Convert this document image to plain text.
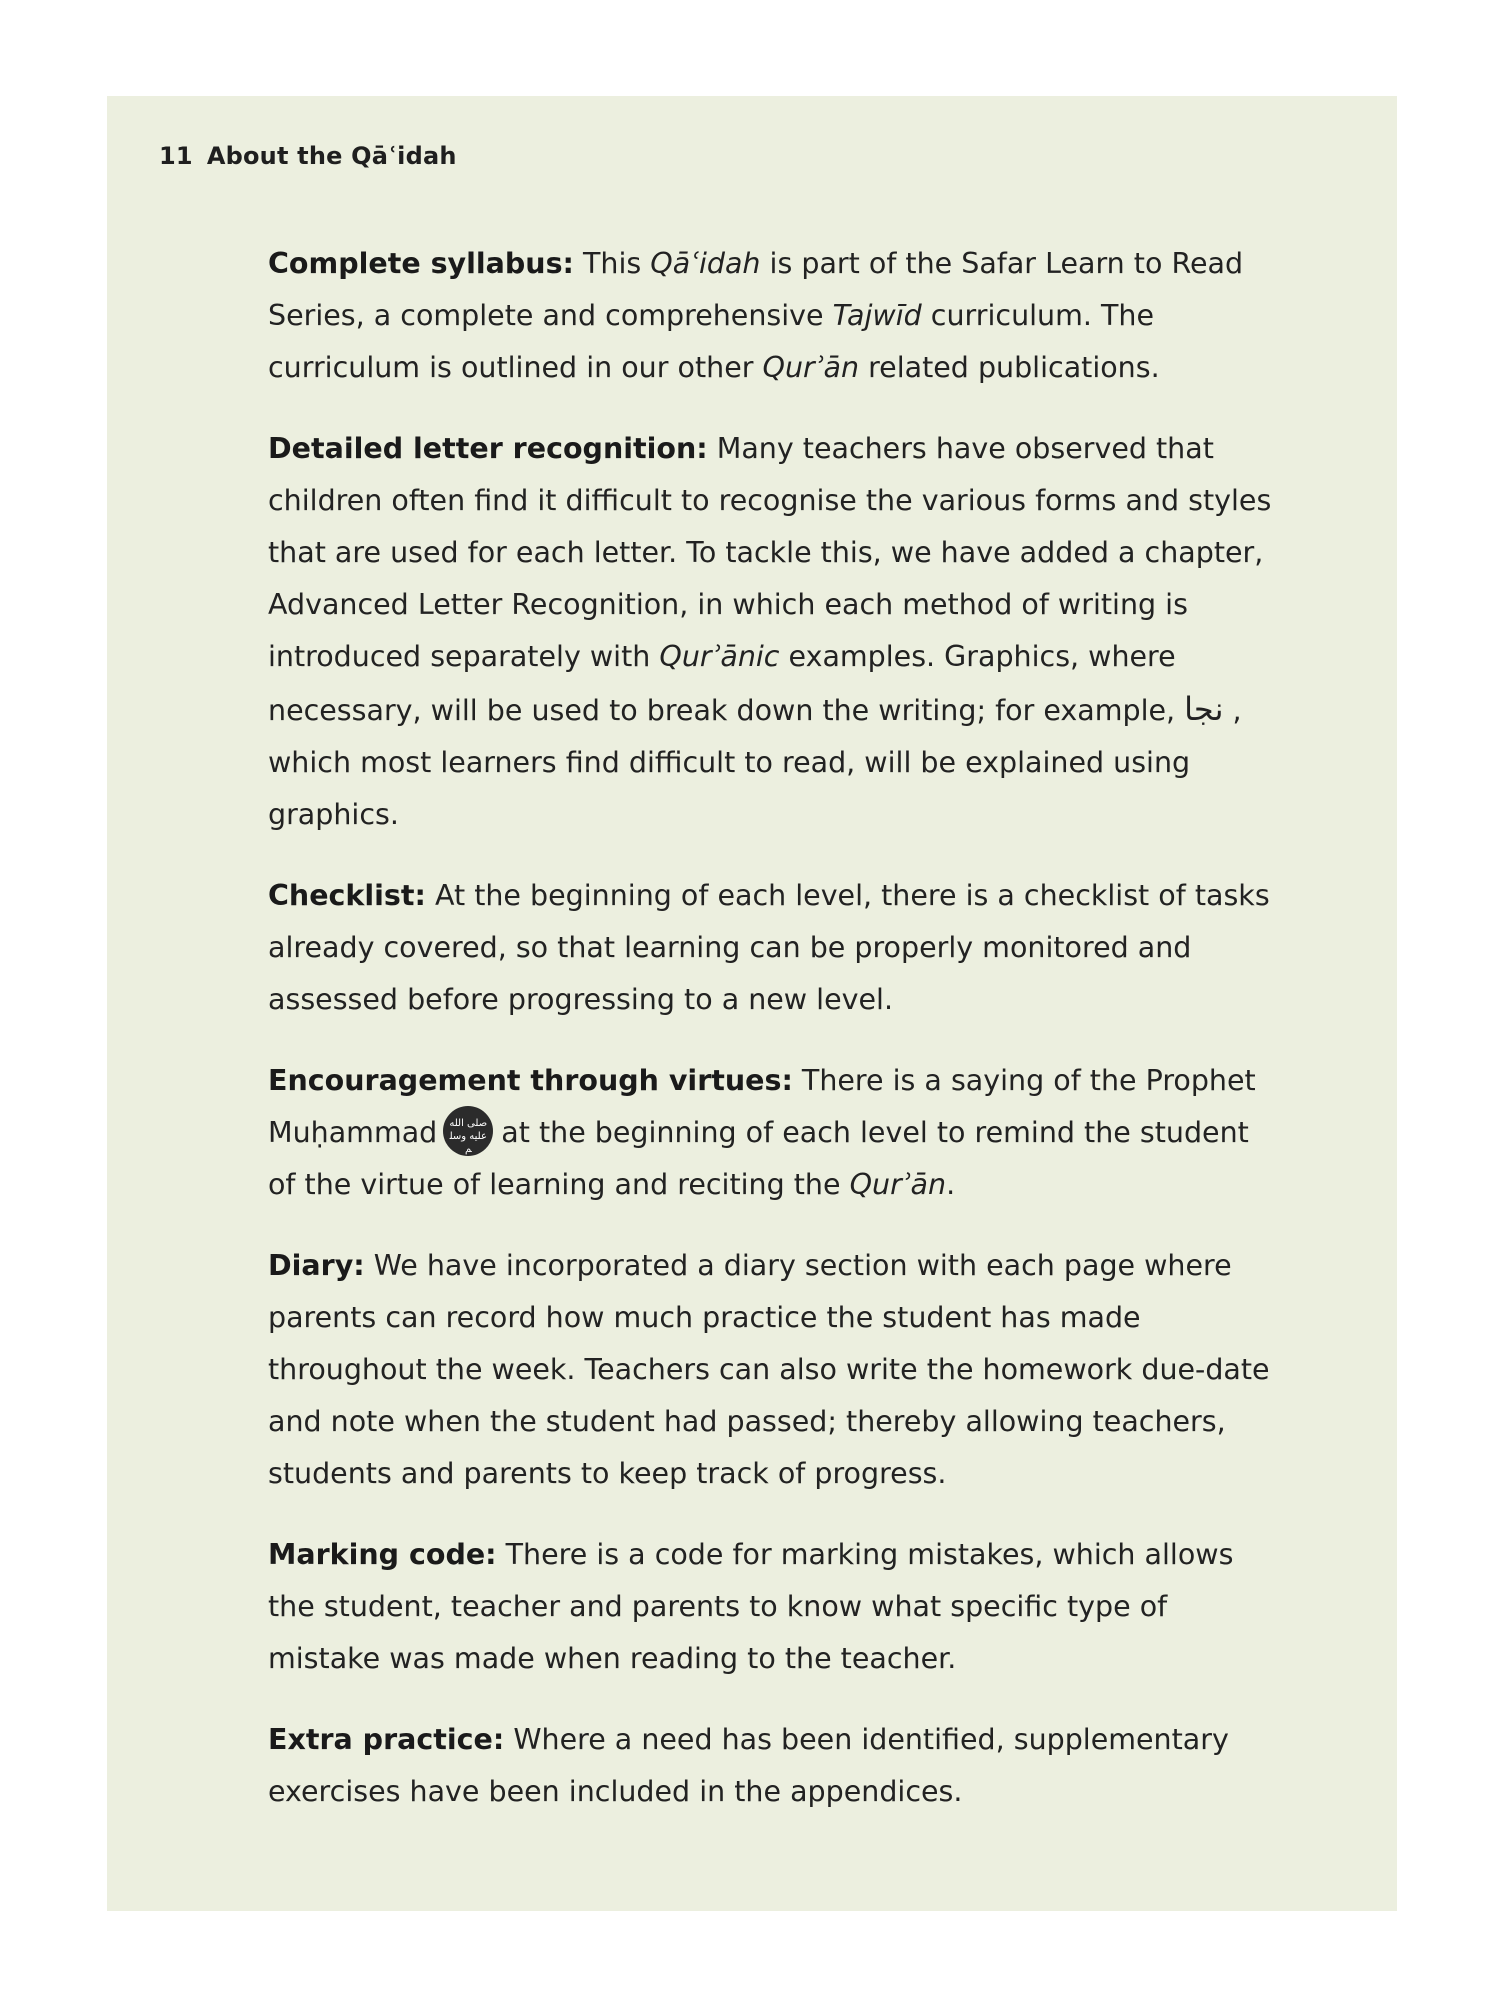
11 About the Qāʿidah

Complete syllabus: This Qāʿidah is part of the Safar Learn to Read Series, a complete and comprehensive Tajwīd curriculum. The curriculum is outlined in our other Qurʾān related publications.

Detailed letter recognition: Many teachers have observed that children often find it difficult to recognise the various forms and styles that are used for each letter. To tackle this, we have added a chapter, Advanced Letter Recognition, in which each method of writing is introduced separately with Qurʾānic examples. Graphics, where necessary, will be used to break down the writing; for example, نجا , which most learners find difficult to read, will be explained using graphics.

Checklist: At the beginning of each level, there is a checklist of tasks already covered, so that learning can be properly monitored and assessed before progressing to a new level.

Encouragement through virtues: There is a saying of the Prophet Muḥammad صلى الله عليه وسلم
at the beginning of each level to remind the student of the virtue of learning and reciting the Qurʾān.

Diary: We have incorporated a diary section with each page where parents can record how much practice the student has made throughout the week. Teachers can also write the homework due-date and note when the student had passed; thereby allowing teachers, students and parents to keep track of progress.

Marking code: There is a code for marking mistakes, which allows the student, teacher and parents to know what specific type of mistake was made when reading to the teacher.

Extra practice: Where a need has been identified, supplementary exercises have been included in the appendices.
